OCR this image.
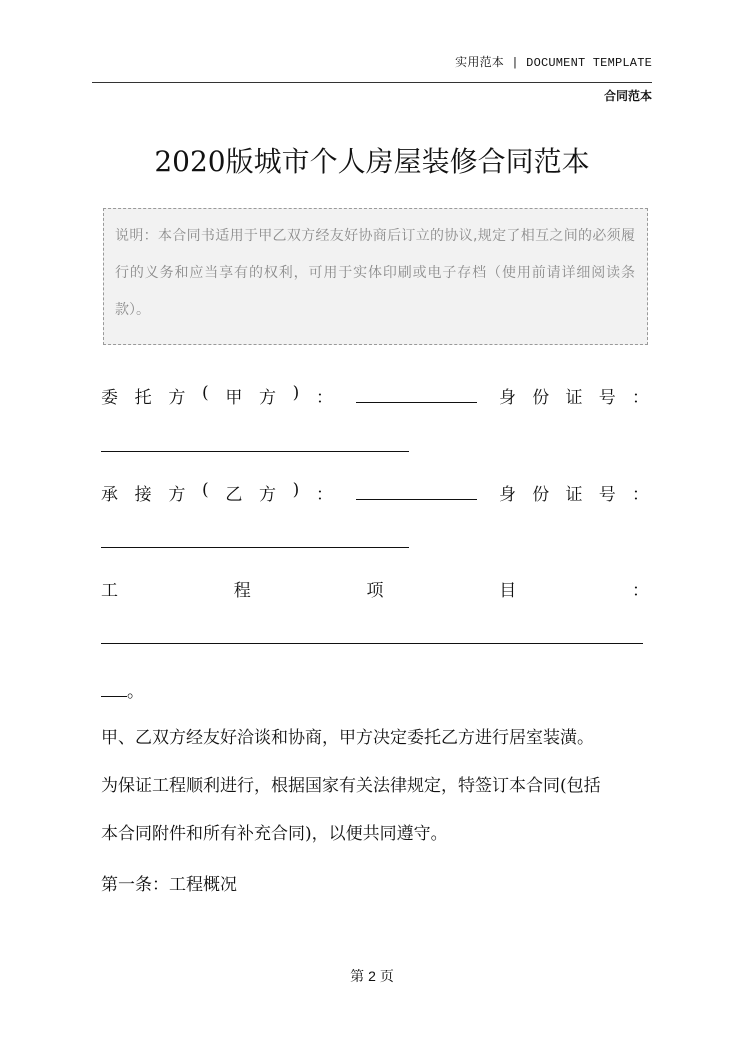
实用范本 | DOCUMENT TEMPLATE
合同范本
2020版城市个人房屋装修合同范本
说明：本合同书适用于甲乙双方经友好协商后订立的协议,规定了相互之间的必须履行的义务和应当享有的权利，可用于实体印刷或电子存档（使用前请详细阅读条款）。
委 托 方 ( 甲 方 ) ：	身 份 证 号 ：
承 接 方 ( 乙 方 ) ：	身 份 证 号 ：
工	程	项	目	：
。
甲、乙双方经友好洽谈和协商，甲方决定委托乙方进行居室装潢。
为保证工程顺利进行，根据国家有关法律规定，特签订本合同(包括
本合同附件和所有补充合同)，以便共同遵守。
第一条：工程概况
第 2 页
